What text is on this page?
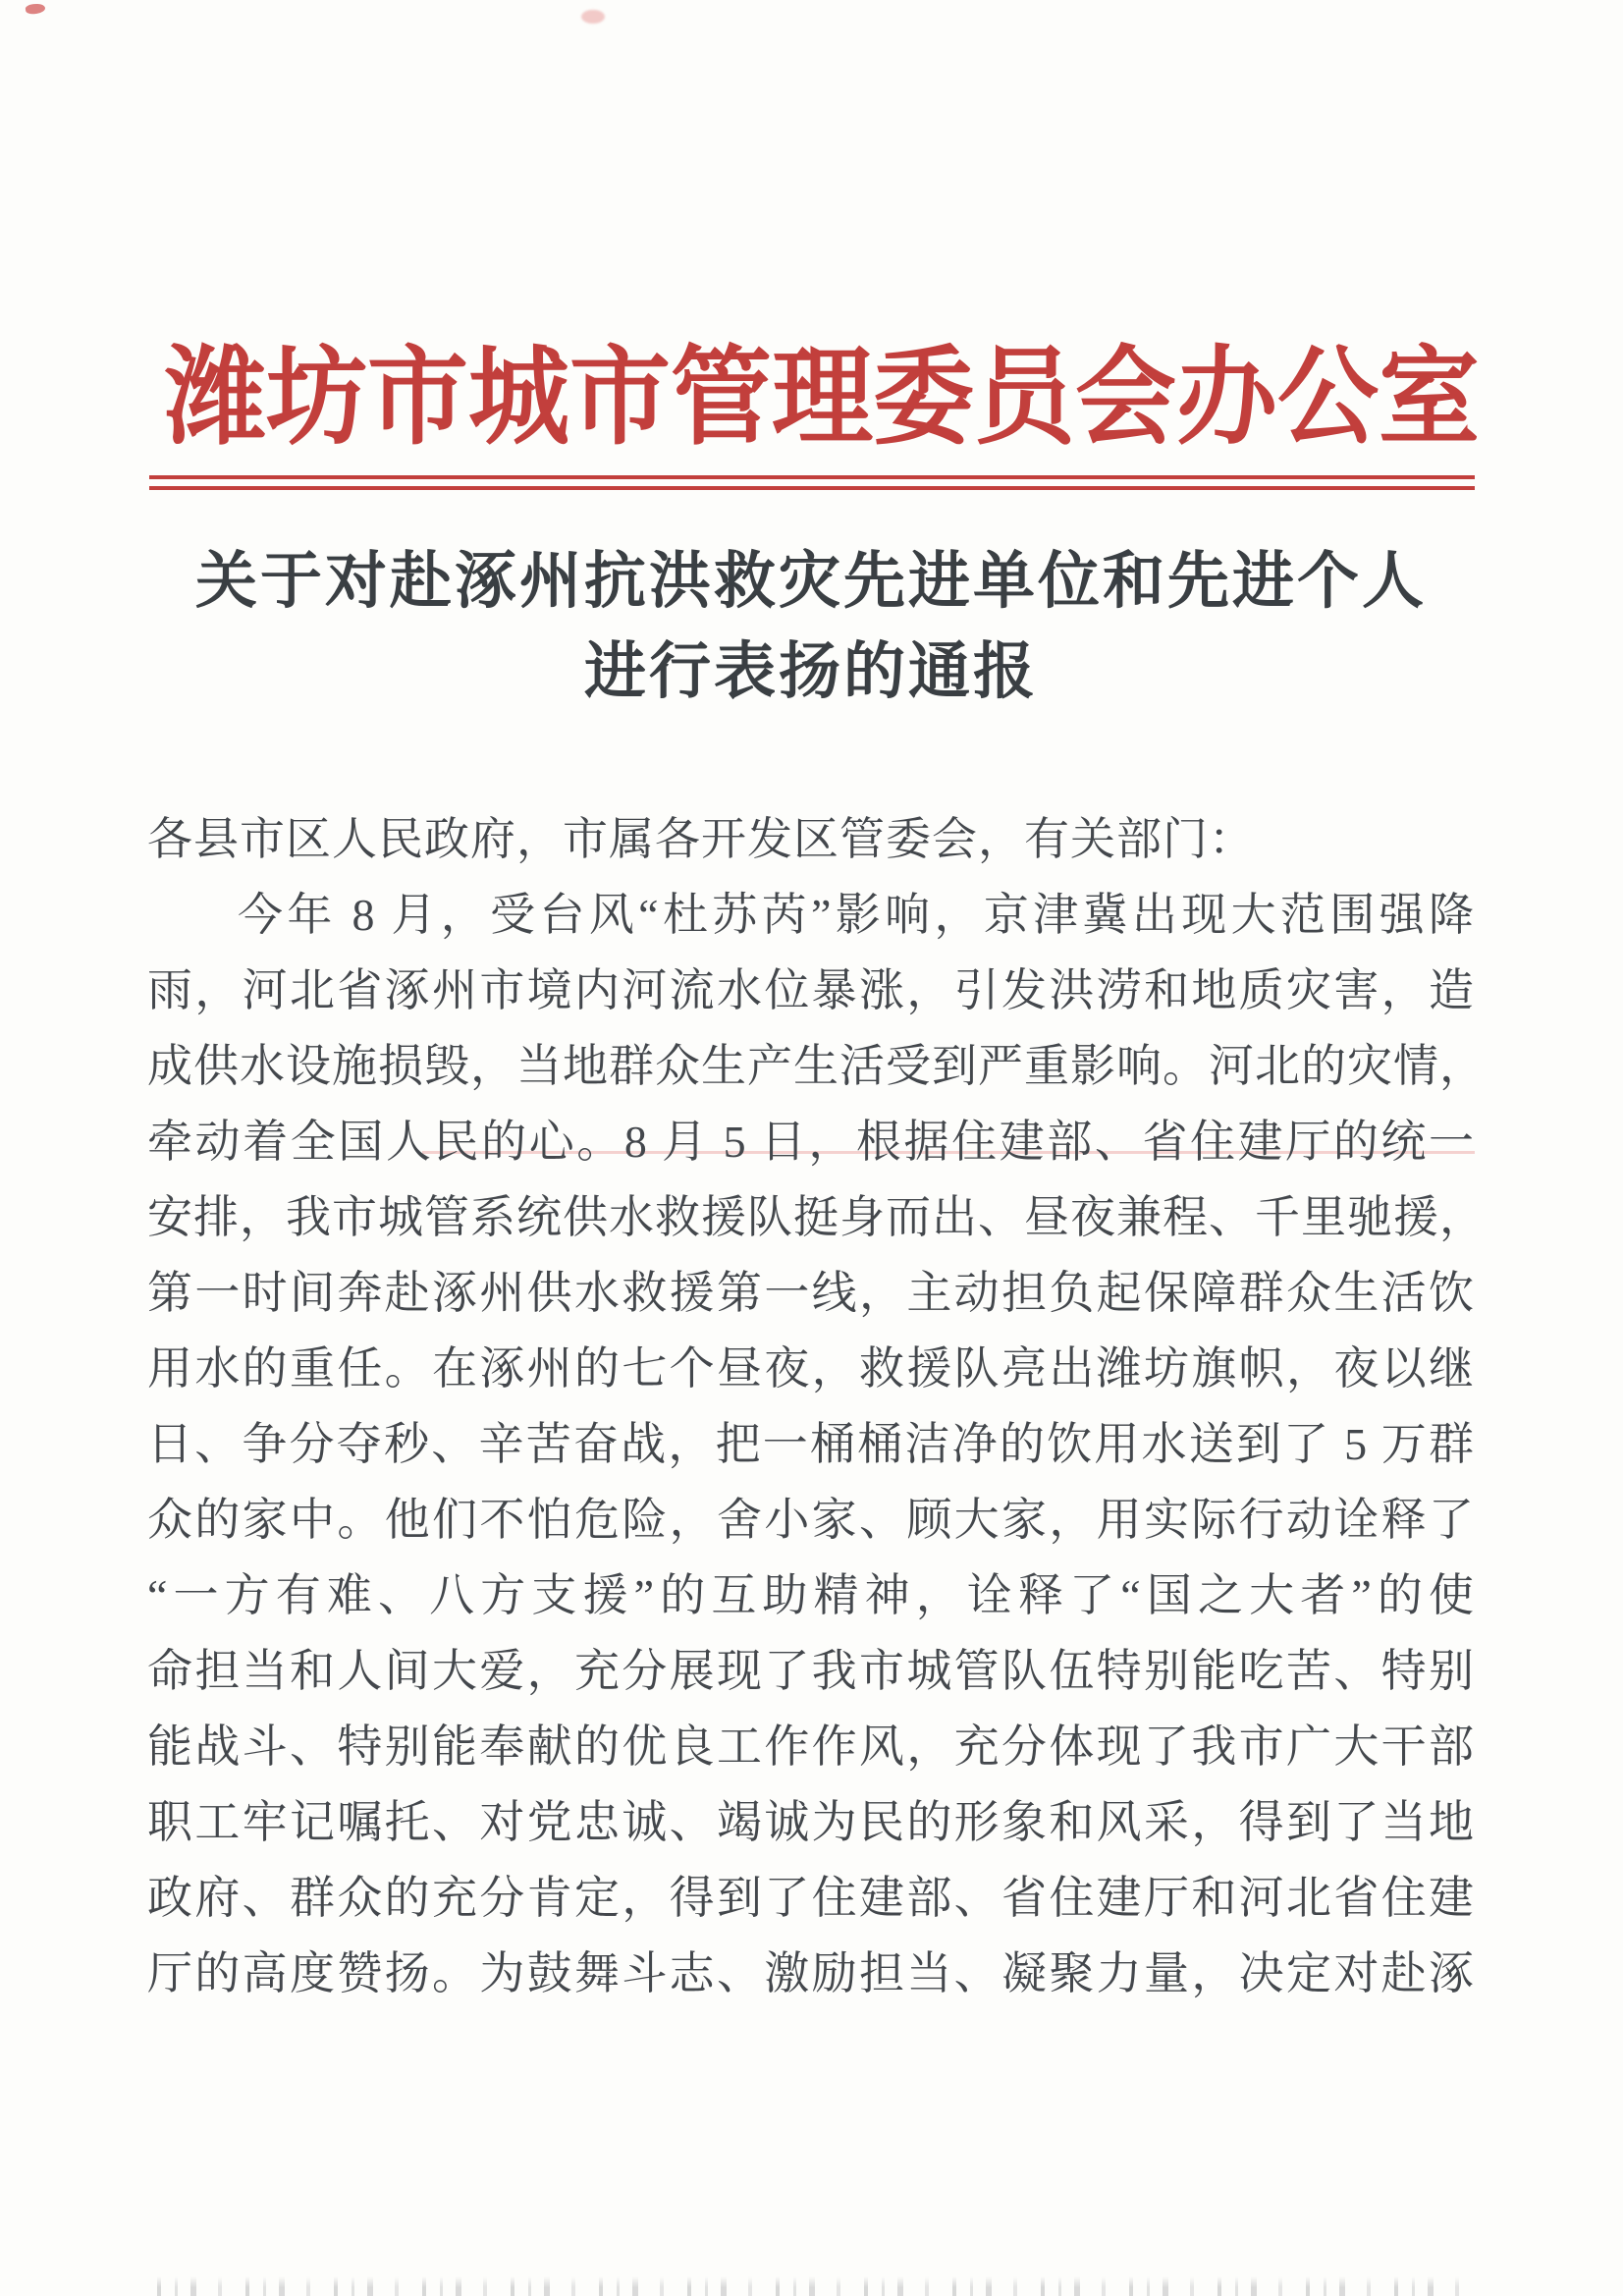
潍坊市城市管理委员会办公室
关于对赴涿州抗洪救灾先进单位和先进个人
进行表扬的通报
各县市区人民政府，市属各开发区管委会，有关部门：
今年 8 月，受台风“杜苏芮”影响，京津冀出现大范围强降
雨，河北省涿州市境内河流水位暴涨，引发洪涝和地质灾害，造
成供水设施损毁，当地群众生产生活受到严重影响。河北的灾情，
牵动着全国人民的心。8 月 5 日，根据住建部、省住建厅的统一
安排，我市城管系统供水救援队挺身而出、昼夜兼程、千里驰援，
第一时间奔赴涿州供水救援第一线，主动担负起保障群众生活饮
用水的重任。在涿州的七个昼夜，救援队亮出潍坊旗帜，夜以继
日、争分夺秒、辛苦奋战，把一桶桶洁净的饮用水送到了 5 万群
众的家中。他们不怕危险，舍小家、顾大家，用实际行动诠释了
“一方有难、八方支援”的互助精神，诠释了“国之大者”的使
命担当和人间大爱，充分展现了我市城管队伍特别能吃苦、特别
能战斗、特别能奉献的优良工作作风，充分体现了我市广大干部
职工牢记嘱托、对党忠诚、竭诚为民的形象和风采，得到了当地
政府、群众的充分肯定，得到了住建部、省住建厅和河北省住建
厅的高度赞扬。为鼓舞斗志、激励担当、凝聚力量，决定对赴涿
